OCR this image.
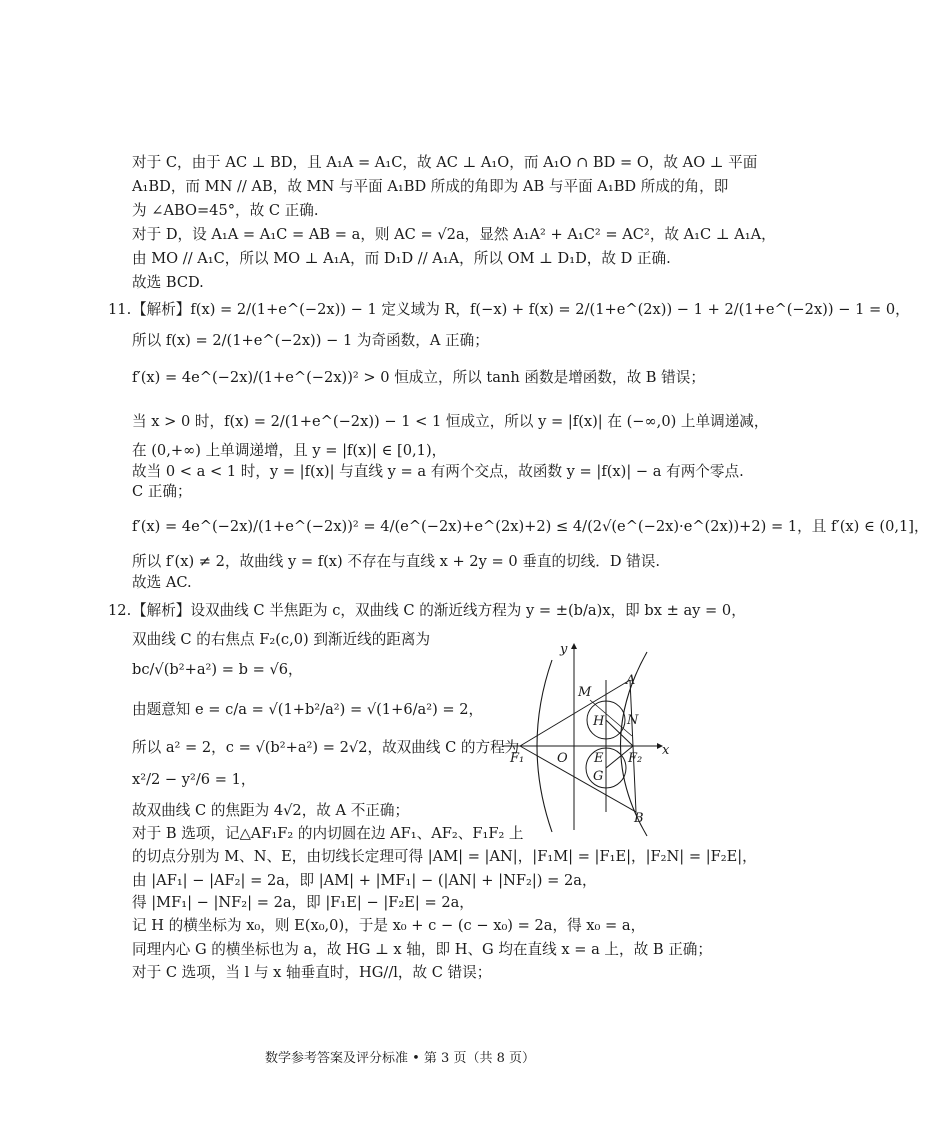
对于 C，由于 AC ⊥ BD，且 A₁A = A₁C，故 AC ⊥ A₁O，而 A₁O ∩ BD = O，故 AO ⊥ 平面
A₁BD，而 MN // AB，故 MN 与平面 A₁BD 所成的角即为 AB 与平面 A₁BD 所成的角，即
为 ∠ABO=45°，故 C 正确.
对于 D，设 A₁A = A₁C = AB = a，则 AC = √2a，显然 A₁A² + A₁C² = AC²，故 A₁C ⊥ A₁A，
由 MO // A₁C，所以 MO ⊥ A₁A，而 D₁D // A₁A，所以 OM ⊥ D₁D，故 D 正确.
故选 BCD.
11. 【解析】f(x) = 2/(1+e^(−2x)) − 1 定义域为 R，f(−x) + f(x) = 2/(1+e^(2x)) − 1 + 2/(1+e^(−2x)) − 1 = 0，
所以 f(x) = 2/(1+e^(−2x)) − 1 为奇函数，A 正确；
f′(x) = 4e^(−2x)/(1+e^(−2x))² > 0 恒成立，所以 tanh 函数是增函数，故 B 错误；
当 x > 0 时，f(x) = 2/(1+e^(−2x)) − 1 < 1 恒成立，所以 y = |f(x)| 在 (−∞,0) 上单调递减，
在 (0,+∞) 上单调递增，且 y = |f(x)| ∈ [0,1)，
故当 0 < a < 1 时，y = |f(x)| 与直线 y = a 有两个交点，故函数 y = |f(x)| − a 有两个零点.
C 正确；
f′(x) = 4e^(−2x)/(1+e^(−2x))² = 4/(e^(−2x)+e^(2x)+2) ≤ 4/(2√(e^(−2x)·e^(2x))+2) = 1，且 f′(x) ∈ (0,1]，
所以 f′(x) ≠ 2，故曲线 y = f(x) 不存在与直线 x + 2y = 0 垂直的切线．D 错误.
故选 AC.
12. 【解析】设双曲线 C 半焦距为 c，双曲线 C 的渐近线方程为 y = ±(b/a)x，即 bx ± ay = 0，
双曲线 C 的右焦点 F₂(c,0) 到渐近线的距离为
bc/√(b²+a²) = b = √6，
由题意知 e = c/a = √(1+b²/a²) = √(1+6/a²) = 2，
所以 a² = 2，c = √(b²+a²) = 2√2，故双曲线 C 的方程为
x²/2 − y²/6 = 1，
故双曲线 C 的焦距为 4√2，故 A 不正确；
对于 B 选项，记△AF₁F₂ 的内切圆在边 AF₁、AF₂、F₁F₂ 上
的切点分别为 M、N、E，由切线长定理可得 |AM| = |AN|，|F₁M| = |F₁E|，|F₂N| = |F₂E|，
由 |AF₁| − |AF₂| = 2a，即 |AM| + |MF₁| − (|AN| + |NF₂|) = 2a，
得 |MF₁| − |NF₂| = 2a，即 |F₁E| − |F₂E| = 2a，
记 H 的横坐标为 x₀，则 E(x₀,0)，于是 x₀ + c − (c − x₀) = 2a，得 x₀ = a，
同理内心 G 的横坐标也为 a，故 HG ⊥ x 轴，即 H、G 均在直线 x = a 上，故 B 正确；
对于 C 选项，当 l 与 x 轴垂直时，HG//l，故 C 错误；
y
x
M
A
H N
F₁	O E F₂
G
B
数学参考答案及评分标准 • 第 3 页（共 8 页）
